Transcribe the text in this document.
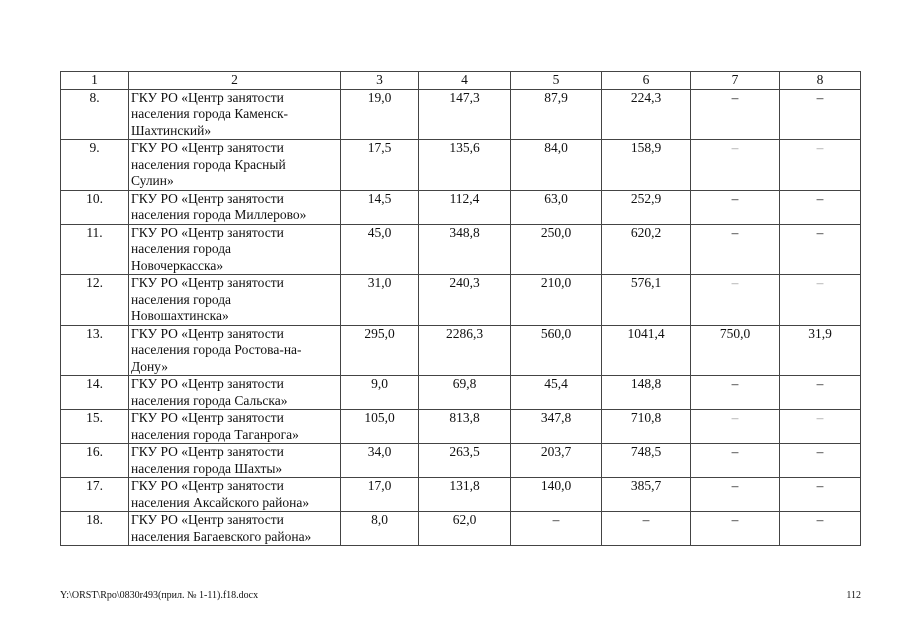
1	2	3	4	5	6	7	8
8.	ГКУ РО «Центр занятости
населения города Каменск-
Шахтинский»	19,0	147,3	87,9	224,3	–	–
9.	ГКУ РО «Центр занятости
населения города Красный
Сулин»	17,5	135,6	84,0	158,9	–	–
10.	ГКУ РО «Центр занятости
населения города Миллерово»	14,5	112,4	63,0	252,9	–	–
11.	ГКУ РО «Центр занятости
населения города
Новочеркасска»	45,0	348,8	250,0	620,2	–	–
12.	ГКУ РО «Центр занятости
населения города
Новошахтинска»	31,0	240,3	210,0	576,1	–	–
13.	ГКУ РО «Центр занятости
населения города Ростова-на-
Дону»	295,0	2286,3	560,0	1041,4	750,0	31,9
14.	ГКУ РО «Центр занятости
населения города Сальска»	9,0	69,8	45,4	148,8	–	–
15.	ГКУ РО «Центр занятости
населения города Таганрога»	105,0	813,8	347,8	710,8	–	–
16.	ГКУ РО «Центр занятости
населения города Шахты»	34,0	263,5	203,7	748,5	–	–
17.	ГКУ РО «Центр занятости
населения Аксайского района»	17,0	131,8	140,0	385,7	–	–
18.	ГКУ РО «Центр занятости
населения Багаевского района»	8,0	62,0	–	–	–	–
Y:\ORST\Rpo\0830r493(прил. № 1-11).f18.docx	112
